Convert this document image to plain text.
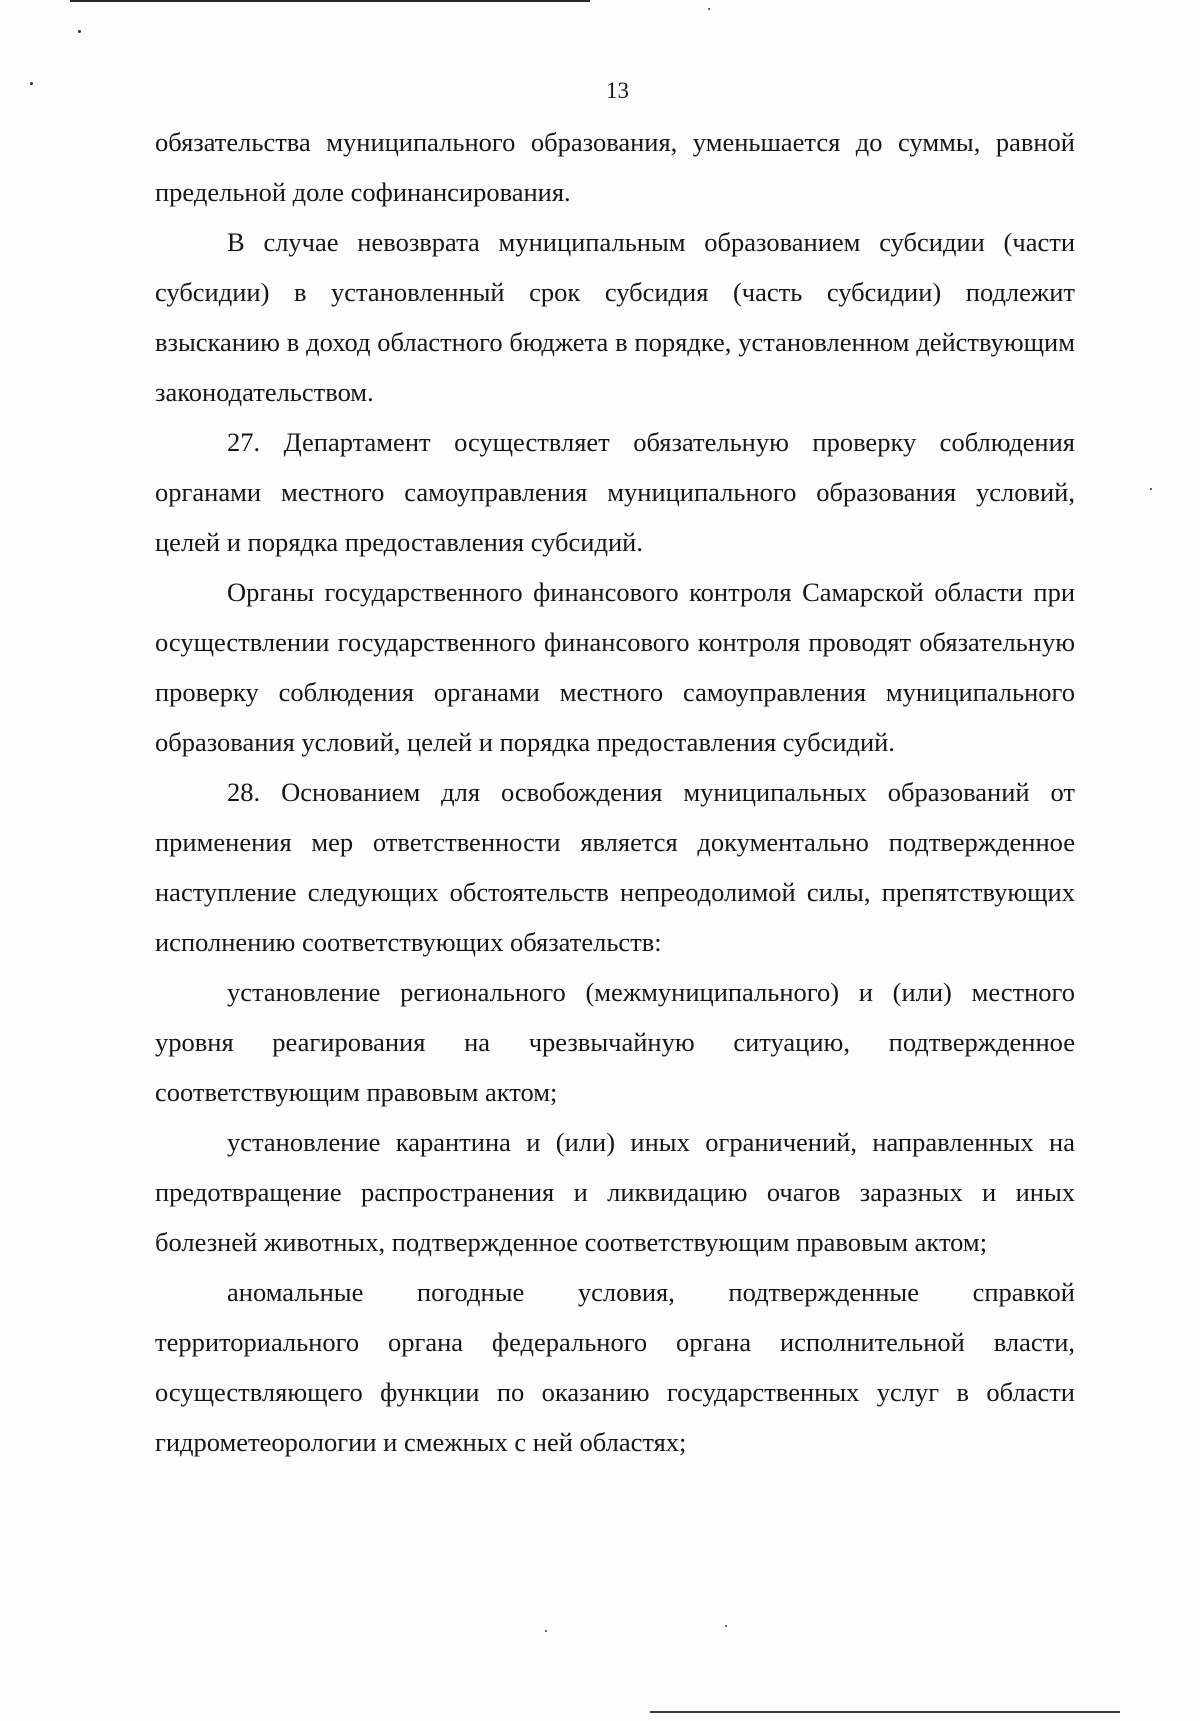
13

обязательства муниципального образования, уменьшается до суммы, равной предельной доле софинансирования.

В случае невозврата муниципальным образованием субсидии (части субсидии) в установленный срок субсидия (часть субсидии) подлежит взысканию в доход областного бюджета в порядке, установленном действующим законодательством.

27. Департамент осуществляет обязательную проверку соблюдения органами местного самоуправления муниципального образования условий, целей и порядка предоставления субсидий.

Органы государственного финансового контроля Самарской области при осуществлении государственного финансового контроля проводят обязательную проверку соблюдения органами местного самоуправления муниципального образования условий, целей и порядка предоставления субсидий.

28. Основанием для освобождения муниципальных образований от применения мер ответственности является документально подтвержденное наступление следующих обстоятельств непреодолимой силы, препятствующих исполнению соответствующих обязательств:

установление регионального (межмуниципального) и (или) местного уровня реагирования на чрезвычайную ситуацию, подтвержденное соответствующим правовым актом;

установление карантина и (или) иных ограничений, направленных на предотвращение распространения и ликвидацию очагов заразных и иных болезней животных, подтвержденное соответствующим правовым актом;

аномальные погодные условия, подтвержденные справкой территориального органа федерального органа исполнительной власти, осуществляющего функции по оказанию государственных услуг в области гидрометеорологии и смежных с ней областях;
